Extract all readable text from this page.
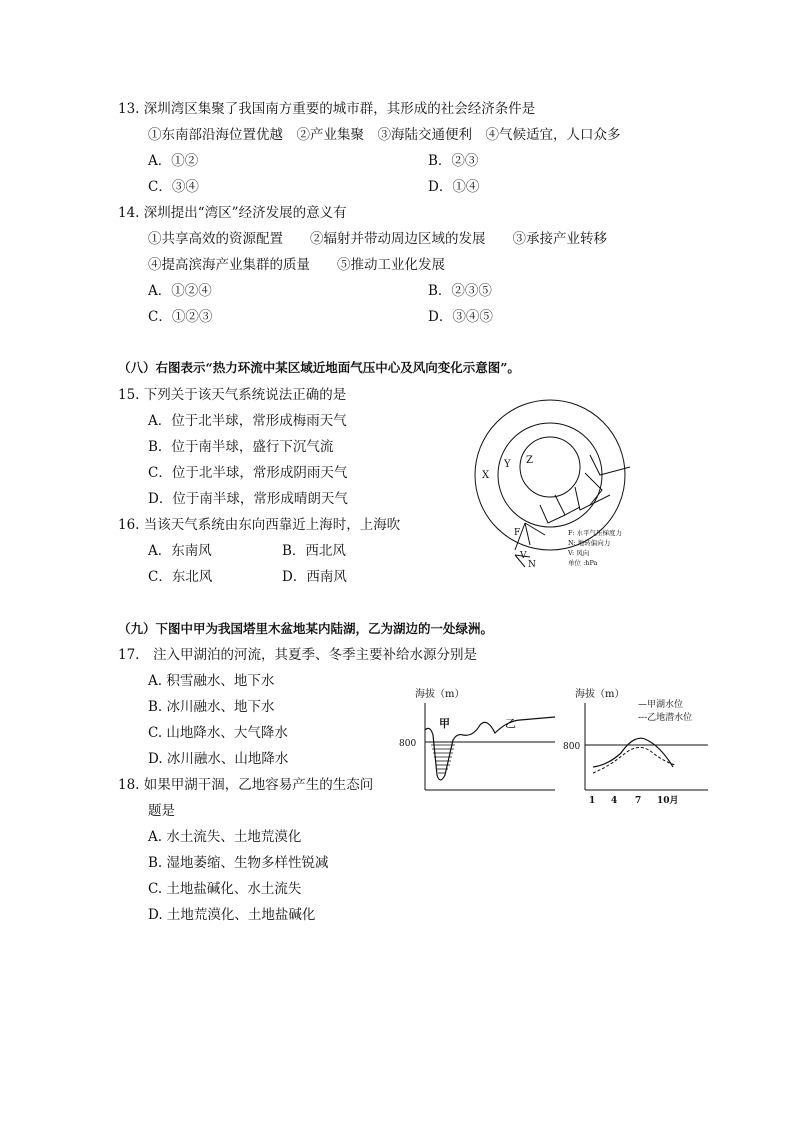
13. 深圳湾区集聚了我国南方重要的城市群，其形成的社会经济条件是
①东南部沿海位置优越　②产业集聚　③海陆交通便利　④气候适宜，人口众多
A．①②	B．②③
C．③④	D．①④
14. 深圳提出“湾区”经济发展的意义有
①共享高效的资源配置　　②辐射并带动周边区域的发展　　③承接产业转移
④提高滨海产业集群的质量　　⑤推动工业化发展
A．①②④	B．②③⑤
C．①②③	D．③④⑤
（八）右图表示“热力环流中某区域近地面气压中心及风向变化示意图”。
15. 下列关于该天气系统说法正确的是
A．位于北半球，常形成梅雨天气
B．位于南半球，盛行下沉气流
C．位于北半球，常形成阴雨天气
D．位于南半球，常形成晴朗天气
16. 当该天气系统由东向西靠近上海时，上海吹
A．东南风	B．西北风
C．东北风	D．西南风
X
Y Z
F
V
N
F: 水平气压梯度力
N: 地转偏向力
V: 风向
单位 :hPa
（九）下图中甲为我国塔里木盆地某内陆湖，乙为湖边的一处绿洲。
17.　注入甲湖泊的河流，其夏季、冬季主要补给水源分别是
A. 积雪融水、地下水
B. 冰川融水、地下水
C. 山地降水、大气降水
D. 冰川融水、山地降水
18. 如果甲湖干涸，乙地容易产生的生态问
题是
A. 水土流失、土地荒漠化
B. 湿地萎缩、生物多样性锐减
C. 土地盐碱化、水土流失
D. 土地荒漠化、土地盐碱化
海拔（m）
800
甲	乙
海拔（m）
—甲湖水位
---乙地潜水位
800
1 4 7 10月
